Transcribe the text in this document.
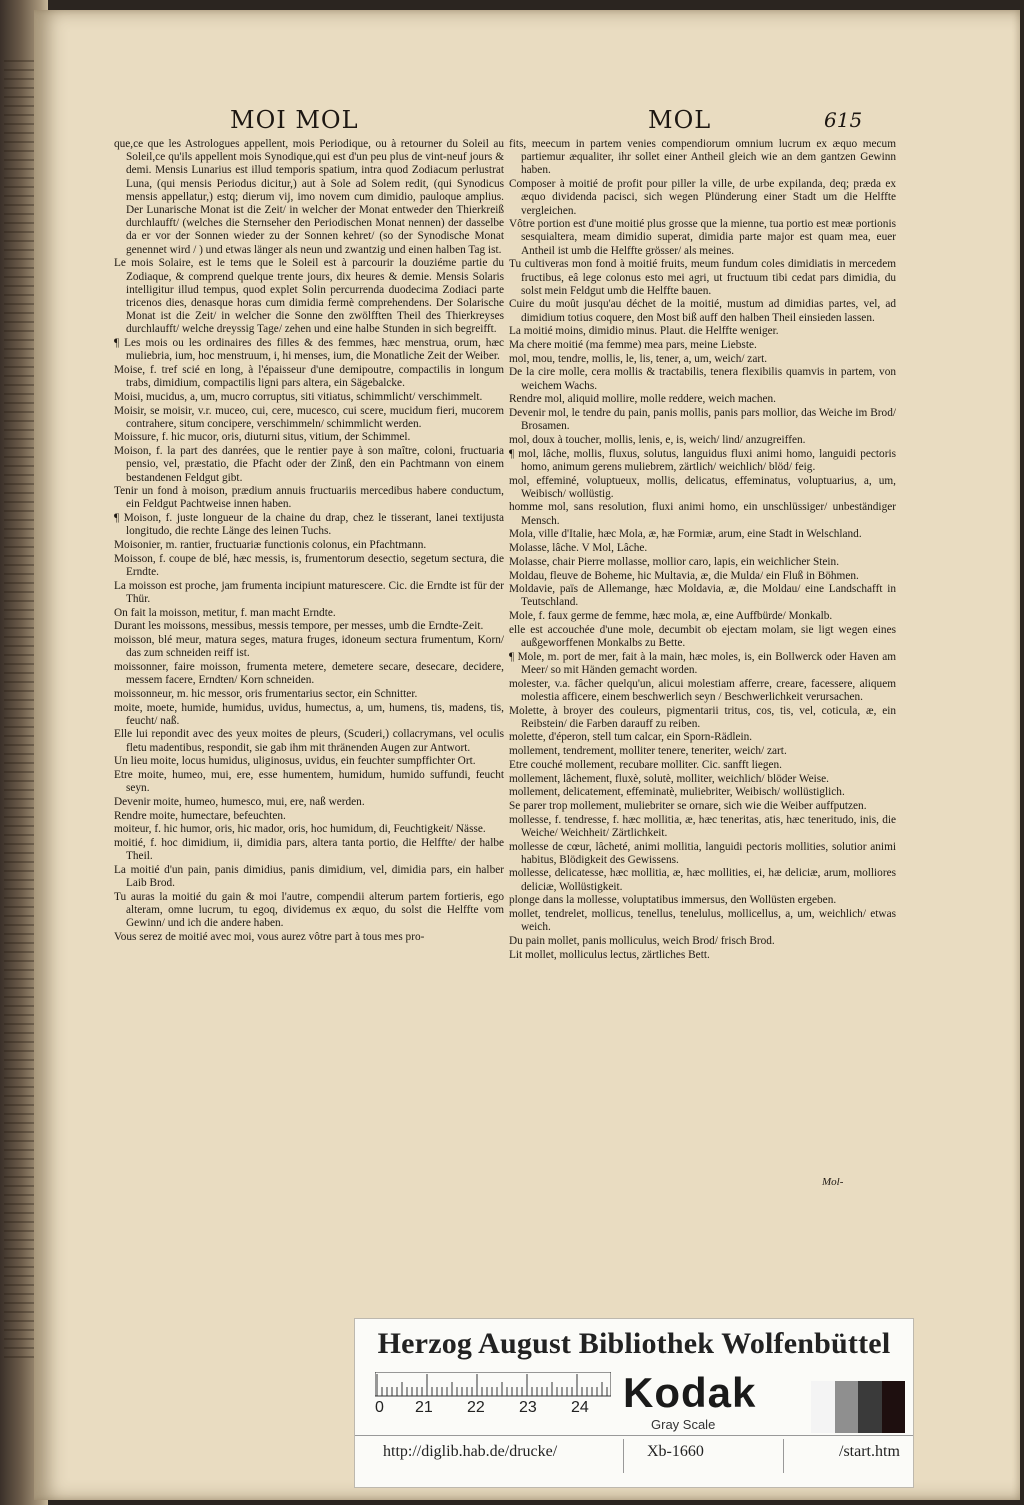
MOI MOL	MOL	615

que,ce que les Astrologues appellent, mois Periodique, ou à retourner du Soleil au Soleil,ce qu'ils appellent mois Synodique,qui est d'un peu plus de vint-neuf jours & demi. Mensis Lunarius est illud temporis spatium, intra quod Zodiacum perlustrat Luna, (qui mensis Periodus dicitur,) aut à Sole ad Solem redit, (qui Synodicus mensis appellatur,) estq; dierum vij, imo novem cum dimidio, pauloque amplius. Der Lunarische Monat ist die Zeit/ in welcher der Monat entweder den Thierkreiß durchlaufft/ (welches die Sternseher den Periodischen Monat nennen) der dasselbe da er vor der Sonnen wieder zu der Sonnen kehret/ (so der Synodische Monat genennet wird / ) und etwas länger als neun und zwantzig und einen halben Tag ist.

Le mois Solaire, est le tems que le Soleil est à parcourir la douziéme partie du Zodiaque, & comprend quelque trente jours, dix heures & demie. Mensis Solaris intelligitur illud tempus, quod explet Solin percurrenda duodecima Zodiaci parte tricenos dies, denasque horas cum dimidia fermè comprehendens. Der Solarische Monat ist die Zeit/ in welcher die Sonne den zwölfften Theil des Thierkreyses durchlaufft/ welche dreyssig Tage/ zehen und eine halbe Stunden in sich begreifft.

¶ Les mois ou les ordinaires des filles & des femmes, hæc menstrua, orum, hæc muliebria, ium, hoc menstruum, i, hi menses, ium, die Monatliche Zeit der Weiber.

Moise, f. tref scié en long, à l'épaisseur d'une demipoutre, compactilis in longum trabs, dimidium, compactilis ligni pars altera, ein Sägebalcke.

Moisi, mucidus, a, um, mucro corruptus, siti vitiatus, schimmlicht/ verschimmelt.

Moisir, se moisir, v.r. muceo, cui, cere, mucesco, cui scere, mucidum fieri, mucorem contrahere, situm concipere, verschimmeln/ schimmlicht werden.

Moissure, f. hic mucor, oris, diuturni situs, vitium, der Schimmel.

Moison, f. la part des danrées, que le rentier paye à son maître, coloni, fructuaria pensio, vel, præstatio, die Pfacht oder der Zinß, den ein Pachtmann von einem bestandenen Feldgut gibt.

Tenir un fond à moison, prædium annuis fructuariis mercedibus habere conductum, ein Feldgut Pachtweise innen haben.

¶ Moison, f. juste longueur de la chaine du drap, chez le tisserant, lanei textijusta longitudo, die rechte Länge des leinen Tuchs.

Moisonier, m. rantier, fructuariæ functionis colonus, ein Pfachtmann.

Moisson, f. coupe de blé, hæc messis, is, frumentorum desectio, segetum sectura, die Erndte.

La moisson est proche, jam frumenta incipiunt maturescere. Cic. die Erndte ist für der Thür.

On fait la moisson, metitur, f. man macht Erndte.

Durant les moissons, messibus, messis tempore, per messes, umb die Erndte-Zeit.

moisson, blé meur, matura seges, matura fruges, idoneum sectura frumentum, Korn/ das zum schneiden reiff ist.

moissonner, faire moisson, frumenta metere, demetere secare, desecare, decidere, messem facere, Erndten/ Korn schneiden.

moissonneur, m. hic messor, oris frumentarius sector, ein Schnitter.

moite, moete, humide, humidus, uvidus, humectus, a, um, humens, tis, madens, tis, feucht/ naß.

Elle lui repondit avec des yeux moites de pleurs, (Scuderi,) collacrymans, vel oculis fletu madentibus, respondit, sie gab ihm mit thränenden Augen zur Antwort.

Un lieu moite, locus humidus, uliginosus, uvidus, ein feuchter sumpffichter Ort.

Etre moite, humeo, mui, ere, esse humentem, humidum, humido suffundi, feucht seyn.

Devenir moite, humeo, humesco, mui, ere, naß werden.

Rendre moite, humectare, befeuchten.

moiteur, f. hic humor, oris, hic mador, oris, hoc humidum, di, Feuchtigkeit/ Nässe.

moitié, f. hoc dimidium, ii, dimidia pars, altera tanta portio, die Helffte/ der halbe Theil.

La moitié d'un pain, panis dimidius, panis dimidium, vel, dimidia pars, ein halber Laib Brod.

Tu auras la moitié du gain & moi l'autre, compendii alterum partem fortieris, ego alteram, omne lucrum, tu egoq, dividemus ex æquo, du solst die Helffte vom Gewinn/ und ich die andere haben.

Vous serez de moitié avec moi, vous aurez vôtre part à tous mes pro-

fits, meecum in partem venies compendiorum omnium lucrum ex æquo mecum partiemur æqualiter, ihr sollet einer Antheil gleich wie an dem gantzen Gewinn haben.

Composer à moitié de profit pour piller la ville, de urbe expilanda, deq; præda ex æquo dividenda pacisci, sich wegen Plünderung einer Stadt um die Helffte vergleichen.

Vôtre portion est d'une moitié plus grosse que la mienne, tua portio est meæ portionis sesquialtera, meam dimidio superat, dimidia parte major est quam mea, euer Antheil ist umb die Helffte grösser/ als meines.

Tu cultiveras mon fond à moitié fruits, meum fundum coles dimidiatis in mercedem fructibus, eâ lege colonus esto mei agri, ut fructuum tibi cedat pars dimidia, du solst mein Feldgut umb die Helffte bauen.

Cuire du moût jusqu'au déchet de la moitié, mustum ad dimidias partes, vel, ad dimidium totius coquere, den Most biß auff den halben Theil einsieden lassen.

La moitié moins, dimidio minus. Plaut. die Helffte weniger.

Ma chere moitié (ma femme) mea pars, meine Liebste.

mol, mou, tendre, mollis, le, lis, tener, a, um, weich/ zart.

De la cire molle, cera mollis & tractabilis, tenera flexibilis quamvis in partem, von weichem Wachs.

Rendre mol, aliquid mollire, molle reddere, weich machen.

Devenir mol, le tendre du pain, panis mollis, panis pars mollior, das Weiche im Brod/ Brosamen.

mol, doux à toucher, mollis, lenis, e, is, weich/ lind/ anzugreiffen.

¶ mol, lâche, mollis, fluxus, solutus, languidus fluxi animi homo, languidi pectoris homo, animum gerens muliebrem, zärtlich/ weichlich/ blöd/ feig.

mol, effeminé, voluptueux, mollis, delicatus, effeminatus, voluptuarius, a, um, Weibisch/ wollüstig.

homme mol, sans resolution, fluxi animi homo, ein unschlüssiger/ unbeständiger Mensch.

Mola, ville d'Italie, hæc Mola, æ, hæ Formiæ, arum, eine Stadt in Welschland.

Molasse, lâche. V Mol, Lâche.

Molasse, chair Pierre mollasse, mollior caro, lapis, ein weichlicher Stein.

Moldau, fleuve de Boheme, hic Multavia, æ, die Mulda/ ein Fluß in Böhmen.

Moldavie, païs de Allemange, hæc Moldavia, æ, die Moldau/ eine Landschafft in Teutschland.

Mole, f. faux germe de femme, hæc mola, æ, eine Auffbürde/ Monkalb.

elle est accouchée d'une mole, decumbit ob ejectam molam, sie ligt wegen eines außgeworffenen Monkalbs zu Bette.

¶ Mole, m. port de mer, fait à la main, hæc moles, is, ein Bollwerck oder Haven am Meer/ so mit Händen gemacht worden.

molester, v.a. fâcher quelqu'un, alicui molestiam afferre, creare, facessere, aliquem molestia afficere, einem beschwerlich seyn / Beschwerlichkeit verursachen.

Molette, à broyer des couleurs, pigmentarii tritus, cos, tis, vel, coticula, æ, ein Reibstein/ die Farben darauff zu reiben.

molette, d'éperon, stell tum calcar, ein Sporn-Rädlein.

mollement, tendrement, molliter tenere, teneriter, weich/ zart.

Etre couché mollement, recubare molliter. Cic. sanfft liegen.

mollement, lâchement, fluxè, solutè, molliter, weichlich/ blöder Weise.

mollement, delicatement, effeminatè, muliebriter, Weibisch/ wollüstiglich.

Se parer trop mollement, muliebriter se ornare, sich wie die Weiber auffputzen.

mollesse, f. tendresse, f. hæc mollitia, æ, hæc teneritas, atis, hæc teneritudo, inis, die Weiche/ Weichheit/ Zärtlichkeit.

mollesse de cœur, lâcheté, animi mollitia, languidi pectoris mollities, solutior animi habitus, Blödigkeit des Gewissens.

mollesse, delicatesse, hæc mollitia, æ, hæc mollities, ei, hæ deliciæ, arum, molliores deliciæ, Wollüstigkeit.

plonge dans la mollesse, voluptatibus immersus, den Wollüsten ergeben.

mollet, tendrelet, mollicus, tenellus, tenelulus, mollicellus, a, um, weichlich/ etwas weich.

Du pain mollet, panis molliculus, weich Brod/ frisch Brod.

Lit mollet, molliculus lectus, zärtliches Bett.

Mol-
Herzog August Bibliothek Wolfenbüttel
0 21 22 23 24 Kodak
Gray Scale
http://diglib.hab.de/drucke/	Xb-1660	/start.htm
